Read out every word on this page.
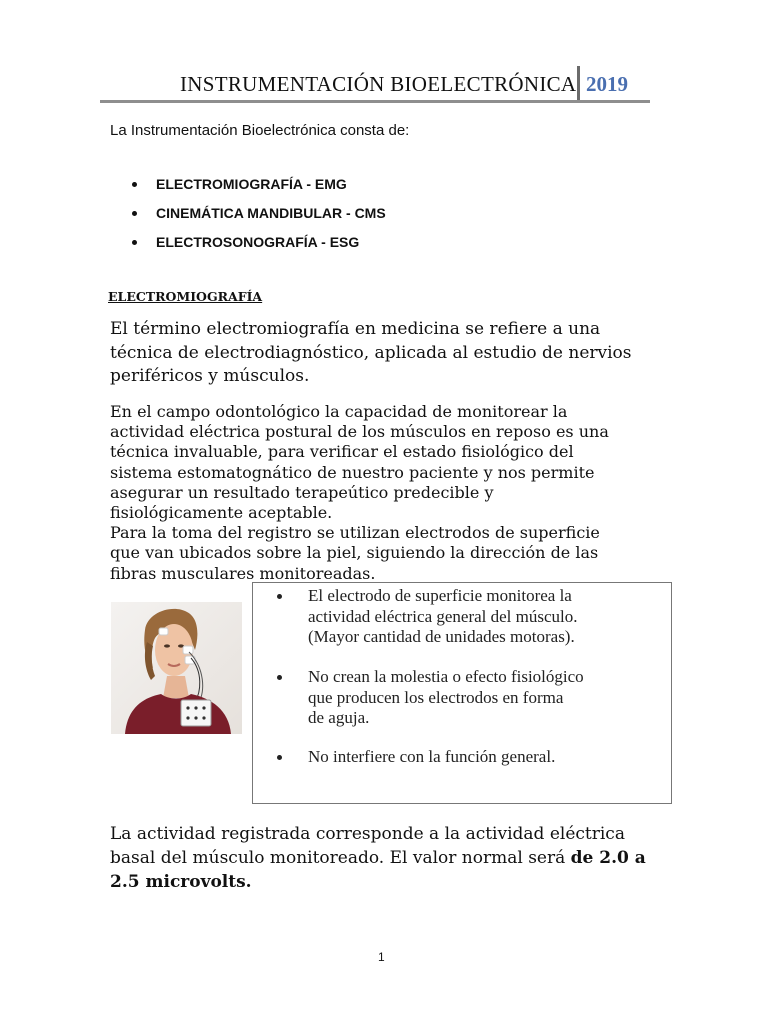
INSTRUMENTACIÓN BIOELECTRÓNICA 2019
La Instrumentación Bioelectrónica consta de:
ELECTROMIOGRAFÍA - EMG
CINEMÁTICA MANDIBULAR - CMS
ELECTROSONOGRAFÍA - ESG
ELECTROMIOGRAFÍA
El término electromiografía en medicina se refiere a una
técnica de electrodiagnóstico, aplicada al estudio de nervios
periféricos y músculos.
En el campo odontológico la capacidad de monitorear la
actividad eléctrica postural de los músculos en reposo es una
técnica invaluable, para verificar el estado fisiológico del
sistema estomatognático de nuestro paciente y nos permite
asegurar un resultado terapeútico predecible y
fisiológicamente aceptable.
Para la toma del registro se utilizan electrodos de superficie
que van ubicados sobre la piel, siguiendo la dirección de las
fibras musculares monitoreadas.
El electrodo de superficie monitorea la
actividad eléctrica general del músculo.
(Mayor cantidad de unidades motoras).
No crean la molestia o efecto fisiológico
que producen los electrodos en forma
de aguja.
No interfiere con la función general.
La actividad registrada corresponde a la actividad eléctrica
basal del músculo monitoreado. El valor normal será de 2.0 a
2.5 microvolts.
1
